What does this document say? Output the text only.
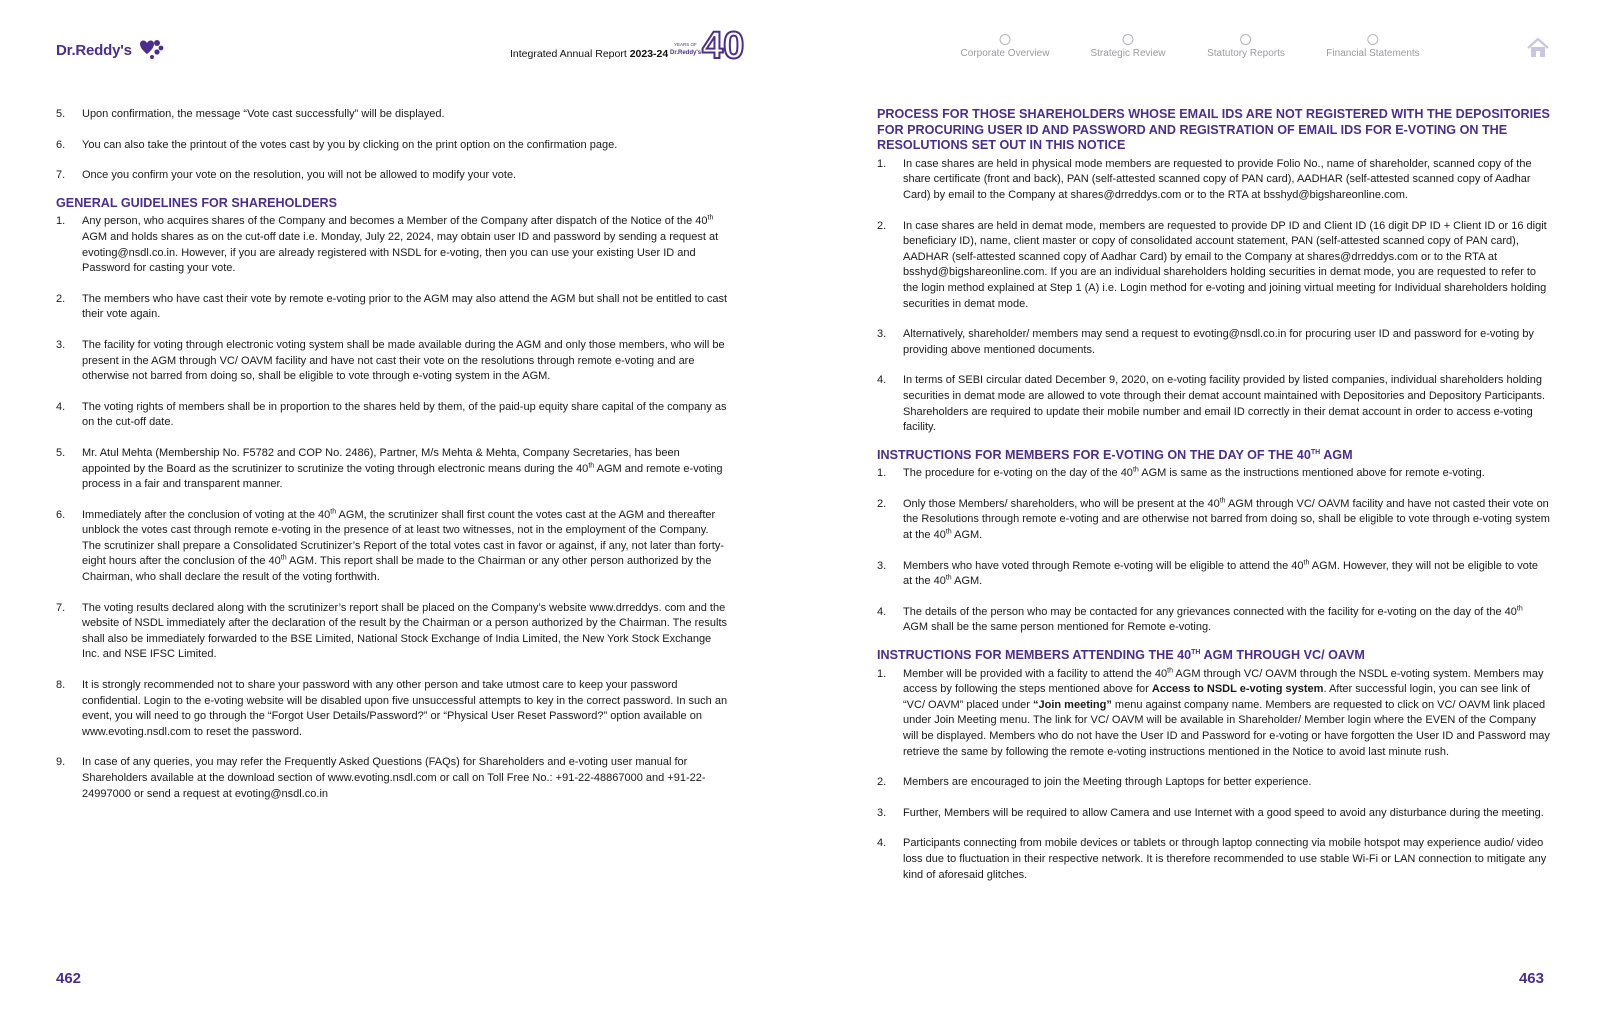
Dr.Reddy's	Integrated Annual Report 2023-24 40
YEARS OF
Dr.Reddy's	Corporate Overview	Strategic Review	Statutory Reports	Financial Statements
5.	Upon confirmation, the message “Vote cast successfully” will be displayed.
6.	You can also take the printout of the votes cast by you by clicking on the print option on the confirmation page.
7.	Once you confirm your vote on the resolution, you will not be allowed to modify your vote.
GENERAL GUIDELINES FOR SHAREHOLDERS
1.	Any person, who acquires shares of the Company and becomes a Member of the Company after dispatch of the Notice of the 40th AGM and holds shares as on the cut-off date i.e. Monday, July 22, 2024, may obtain user ID and password by sending a request at evoting@nsdl.co.in. However, if you are already registered with NSDL for e-voting, then you can use your existing User ID and Password for casting your vote.
2.	The members who have cast their vote by remote e-voting prior to the AGM may also attend the AGM but shall not be entitled to cast their vote again.
3.	The facility for voting through electronic voting system shall be made available during the AGM and only those members, who will be present in the AGM through VC/ OAVM facility and have not cast their vote on the resolutions through remote e-voting and are otherwise not barred from doing so, shall be eligible to vote through e-voting system in the AGM.
4.	The voting rights of members shall be in proportion to the shares held by them, of the paid-up equity share capital of the company as on the cut-off date.
5.	Mr. Atul Mehta (Membership No. F5782 and COP No. 2486), Partner, M/s Mehta & Mehta, Company Secretaries, has been appointed by the Board as the scrutinizer to scrutinize the voting through electronic means during the 40th AGM and remote e-voting process in a fair and transparent manner.
6.	Immediately after the conclusion of voting at the 40th AGM, the scrutinizer shall first count the votes cast at the AGM and thereafter unblock the votes cast through remote e-voting in the presence of at least two witnesses, not in the employment of the Company. The scrutinizer shall prepare a Consolidated Scrutinizer’s Report of the total votes cast in favor or against, if any, not later than forty-eight hours after the conclusion of the 40th AGM. This report shall be made to the Chairman or any other person authorized by the Chairman, who shall declare the result of the voting forthwith.
7.	The voting results declared along with the scrutinizer’s report shall be placed on the Company’s website www.drreddys. com and the website of NSDL immediately after the declaration of the result by the Chairman or a person authorized by the Chairman. The results shall also be immediately forwarded to the BSE Limited, National Stock Exchange of India Limited, the New York Stock Exchange Inc. and NSE IFSC Limited.
8.	It is strongly recommended not to share your password with any other person and take utmost care to keep your password confidential. Login to the e-voting website will be disabled upon five unsuccessful attempts to key in the correct password. In such an event, you will need to go through the “Forgot User Details/Password?” or “Physical User Reset Password?” option available on www.evoting.nsdl.com to reset the password.
9.	In case of any queries, you may refer the Frequently Asked Questions (FAQs) for Shareholders and e-voting user manual for Shareholders available at the download section of www.evoting.nsdl.com or call on Toll Free No.: +91-22-48867000 and +91-22-24997000 or send a request at evoting@nsdl.co.in
PROCESS FOR THOSE SHAREHOLDERS WHOSE EMAIL IDS ARE NOT REGISTERED WITH THE DEPOSITORIES FOR PROCURING USER ID AND PASSWORD AND REGISTRATION OF EMAIL IDS FOR E-VOTING ON THE RESOLUTIONS SET OUT IN THIS NOTICE
1.	In case shares are held in physical mode members are requested to provide Folio No., name of shareholder, scanned copy of the share certificate (front and back), PAN (self-attested scanned copy of PAN card), AADHAR (self-attested scanned copy of Aadhar Card) by email to the Company at shares@drreddys.com or to the RTA at bsshyd@bigshareonline.com.
2.	In case shares are held in demat mode, members are requested to provide DP ID and Client ID (16 digit DP ID + Client ID or 16 digit beneficiary ID), name, client master or copy of consolidated account statement, PAN (self-attested scanned copy of PAN card), AADHAR (self-attested scanned copy of Aadhar Card) by email to the Company at shares@drreddys.com or to the RTA at bsshyd@bigshareonline.com. If you are an individual shareholders holding securities in demat mode, you are requested to refer to the login method explained at Step 1 (A) i.e. Login method for e-voting and joining virtual meeting for Individual shareholders holding securities in demat mode.
3.	Alternatively, shareholder/ members may send a request to evoting@nsdl.co.in for procuring user ID and password for e-voting by providing above mentioned documents.
4.	In terms of SEBI circular dated December 9, 2020, on e-voting facility provided by listed companies, individual shareholders holding securities in demat mode are allowed to vote through their demat account maintained with Depositories and Depository Participants. Shareholders are required to update their mobile number and email ID correctly in their demat account in order to access e-voting facility.
INSTRUCTIONS FOR MEMBERS FOR E-VOTING ON THE DAY OF THE 40TH AGM
1.	The procedure for e-voting on the day of the 40th AGM is same as the instructions mentioned above for remote e-voting.
2.	Only those Members/ shareholders, who will be present at the 40th AGM through VC/ OAVM facility and have not casted their vote on the Resolutions through remote e-voting and are otherwise not barred from doing so, shall be eligible to vote through e-voting system at the 40th AGM.
3.	Members who have voted through Remote e-voting will be eligible to attend the 40th AGM. However, they will not be eligible to vote at the 40th AGM.
4.	The details of the person who may be contacted for any grievances connected with the facility for e-voting on the day of the 40th AGM shall be the same person mentioned for Remote e-voting.
INSTRUCTIONS FOR MEMBERS ATTENDING THE 40TH AGM THROUGH VC/ OAVM
1.	Member will be provided with a facility to attend the 40th AGM through VC/ OAVM through the NSDL e-voting system. Members may access by following the steps mentioned above for Access to NSDL e-voting system. After successful login, you can see link of “VC/ OAVM” placed under “Join meeting” menu against company name. Members are requested to click on VC/ OAVM link placed under Join Meeting menu. The link for VC/ OAVM will be available in Shareholder/ Member login where the EVEN of the Company will be displayed. Members who do not have the User ID and Password for e-voting or have forgotten the User ID and Password may retrieve the same by following the remote e-voting instructions mentioned in the Notice to avoid last minute rush.
2.	Members are encouraged to join the Meeting through Laptops for better experience.
3.	Further, Members will be required to allow Camera and use Internet with a good speed to avoid any disturbance during the meeting.
4.	Participants connecting from mobile devices or tablets or through laptop connecting via mobile hotspot may experience audio/ video loss due to fluctuation in their respective network. It is therefore recommended to use stable Wi-Fi or LAN connection to mitigate any kind of aforesaid glitches.
462	463
